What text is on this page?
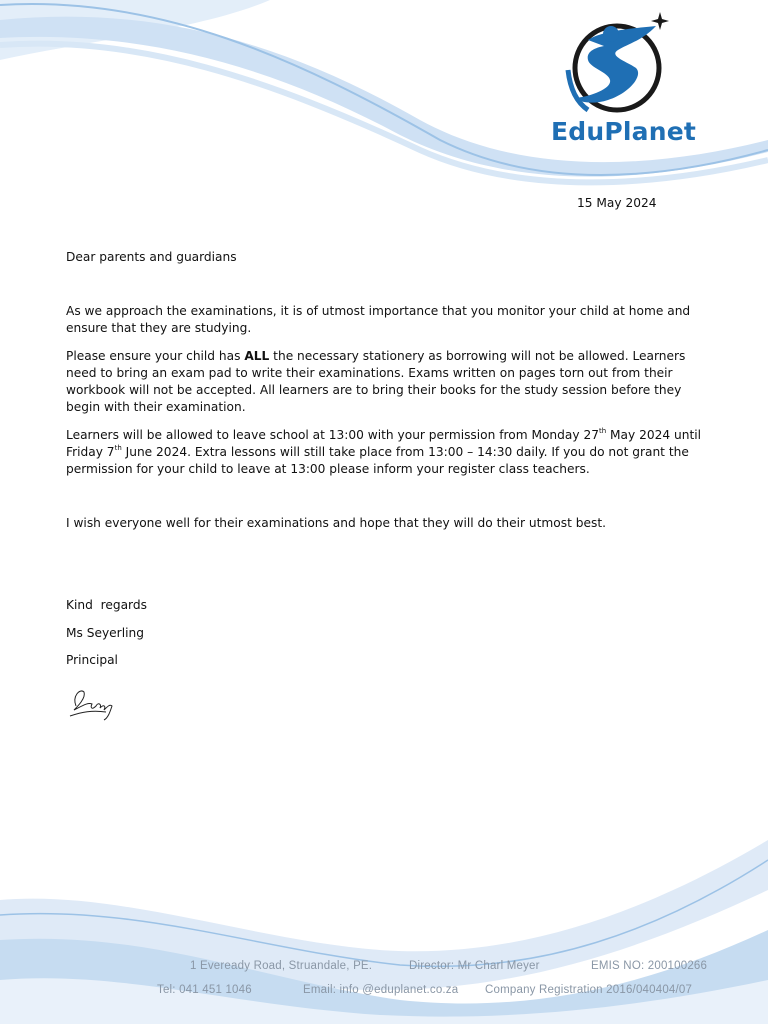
EduPlanet

15 May 2024

Dear parents and guardians

As we approach the examinations, it is of utmost importance that you monitor your child at home and ensure that they are studying.

Please ensure your child has ALL the necessary stationery as borrowing will not be allowed. Learners need to bring an exam pad to write their examinations. Exams written on pages torn out from their workbook will not be accepted. All learners are to bring their books for the study session before they begin with their examination.

Learners will be allowed to leave school at 13:00 with your permission from Monday 27th May 2024 until Friday 7th June 2024. Extra lessons will still take place from 13:00 – 14:30 daily. If you do not grant the permission for your child to leave at 13:00 please inform your register class teachers.

I wish everyone well for their examinations and hope that they will do their utmost best.

Kind  regards

Ms Seyerling

Principal

1 Eveready Road, Struandale, PE.	Director: Mr Charl Meyer	EMIS NO: 200100266
Tel: 041 451 1046	Email: info @eduplanet.co.za Company Registration 2016/040404/07
